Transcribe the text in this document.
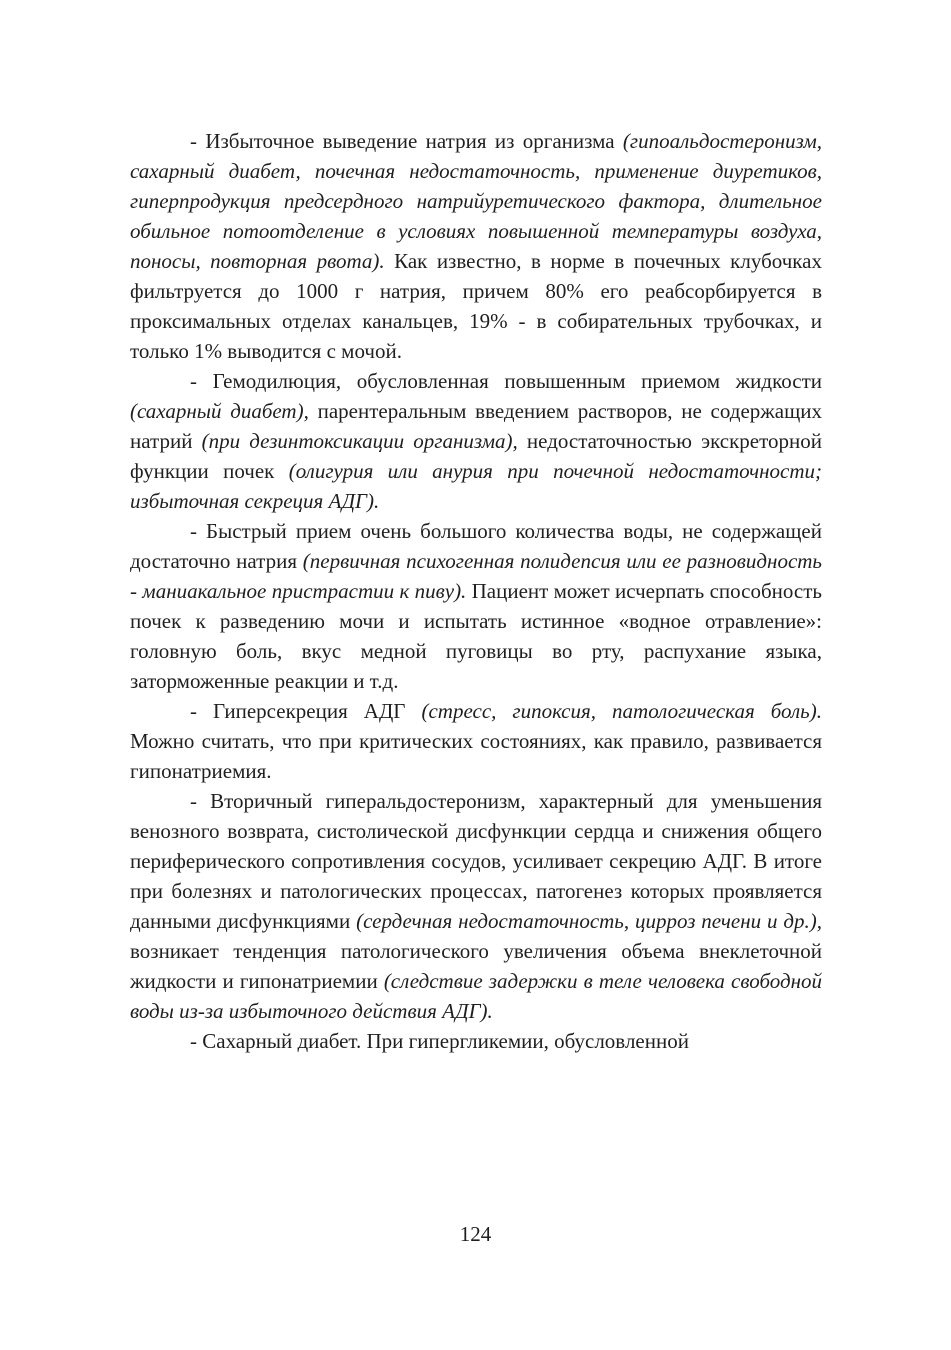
- Избыточное выведение натрия из организма (гипоальдостеронизм, сахарный диабет, почечная недостаточность, применение диуретиков, гиперпродукция предсердного натрийуретического фактора, длительное обильное потоотделение в условиях повышенной температуры воздуха, поносы, повторная рвота). Как известно, в норме в почечных клубочках фильтруется до 1000 г натрия, причем 80% его реабсорбируется в проксимальных отделах канальцев, 19% - в собирательных трубочках, и только 1% выводится с мочой.

- Гемодилюция, обусловленная повышенным приемом жидкости (сахарный диабет), парентеральным введением растворов, не содержащих натрий (при дезинтоксикации организма), недостаточностью экскреторной функции почек (олигурия или анурия при почечной недостаточности; избыточная секреция АДГ).

- Быстрый прием очень большого количества воды, не содержащей достаточно натрия (первичная психогенная полидепсия или ее разновидность - маниакальное пристрастии к пиву). Пациент может исчерпать способность почек к разведению мочи и испытать истинное «водное отравление»: головную боль, вкус медной пуговицы во рту, распухание языка, заторможенные реакции и т.д.

- Гиперсекреция АДГ (стресс, гипоксия, патологическая боль). Можно считать, что при критических состояниях, как правило, развивается гипонатриемия.

- Вторичный гиперальдостеронизм, характерный для уменьшения венозного возврата, систолической дисфункции сердца и снижения общего периферического сопротивления сосудов, усиливает секрецию АДГ. В итоге при болезнях и патологических процессах, патогенез которых проявляется данными дисфункциями (сердечная недостаточность, цирроз печени и др.), возникает тенденция патологического увеличения объема внеклеточной жидкости и гипонатриемии (следствие задержки в теле человека свободной воды из-за избыточного действия АДГ).

- Сахарный диабет. При гипергликемии, обусловленной

124
